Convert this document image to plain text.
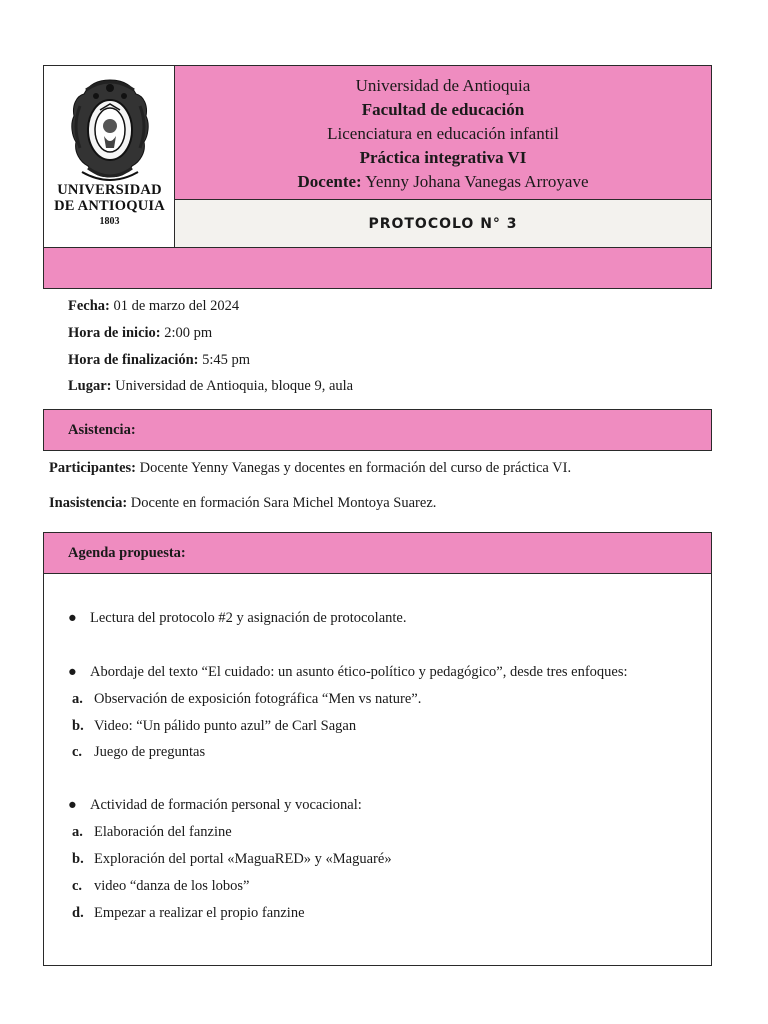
UNIVERSIDAD
DE ANTIOQUIA
1803
Universidad de Antioquia
Facultad de educación
Licenciatura en educación infantil
Práctica integrativa VI
Docente: Yenny Johana Vanegas Arroyave
PROTOCOLO N° 3
Fecha: 01 de marzo del 2024
Hora de inicio: 2:00 pm
Hora de finalización: 5:45 pm
Lugar: Universidad de Antioquia, bloque 9, aula
Asistencia:
Participantes: Docente Yenny Vanegas y docentes en formación del curso de práctica VI.
Inasistencia: Docente en formación Sara Michel Montoya Suarez.
Agenda propuesta:
● Lectura del protocolo #2 y asignación de protocolante.
● Abordaje del texto “El cuidado: un asunto ético-político y pedagógico”, desde tres enfoques:
a. Observación de exposición fotográfica “Men vs nature”.
b. Video: “Un pálido punto azul” de Carl Sagan
c. Juego de preguntas
● Actividad de formación personal y vocacional:
a. Elaboración del fanzine
b. Exploración del portal «MaguaRED» y «Maguaré»
c. video “danza de los lobos”
d. Empezar a realizar el propio fanzine
